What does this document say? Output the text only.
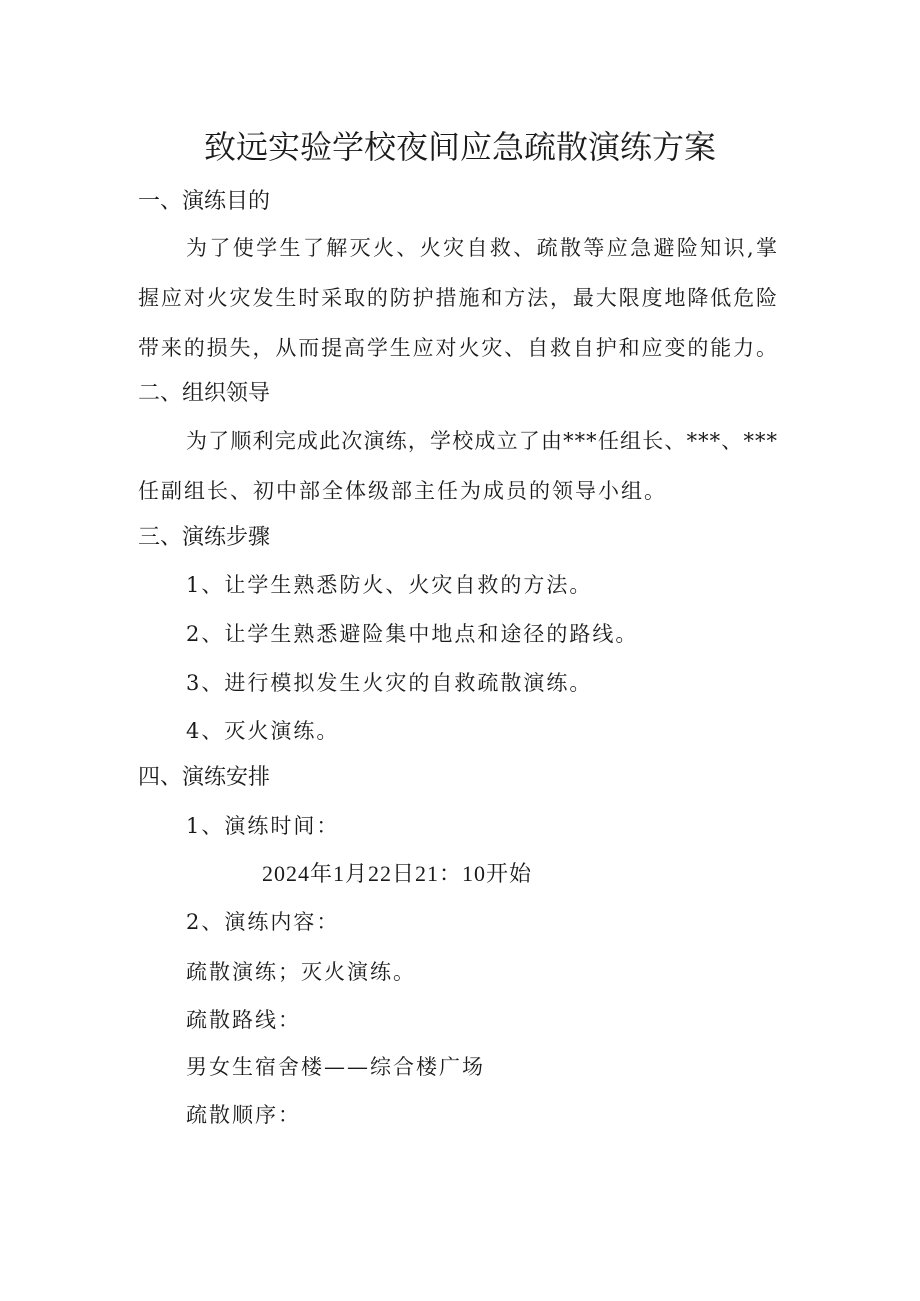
致远实验学校夜间应急疏散演练方案
一、演练目的
为了使学生了解灭火、火灾自救、疏散等应急避险知识,掌
握应对火灾发生时采取的防护措施和方法，最大限度地降低危险
带来的损失，从而提高学生应对火灾、自救自护和应变的能力。
二、组织领导
为了顺利完成此次演练，学校成立了由***任组长、***、***
任副组长、初中部全体级部主任为成员的领导小组。
三、演练步骤
1、让学生熟悉防火、火灾自救的方法。
2、让学生熟悉避险集中地点和途径的路线。
3、进行模拟发生火灾的自救疏散演练。
4、灭火演练。
四、演练安排
1、演练时间：
2024年1月22日21：10开始
2、演练内容：
疏散演练；灭火演练。
疏散路线：
男女生宿舍楼——综合楼广场
疏散顺序：
